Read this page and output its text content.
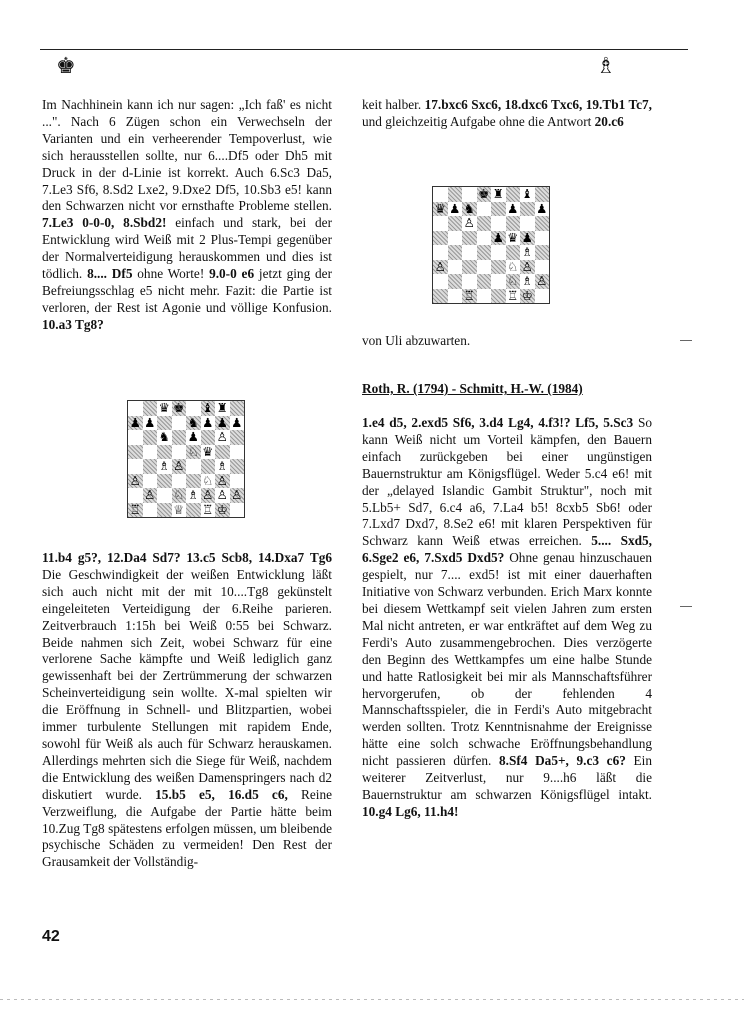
♚	♗

Im Nachhinein kann ich nur sagen: „Ich faß' es nicht ...". Nach 6 Zügen schon ein Verwechseln der Varianten und ein verheerender Tempoverlust, wie sich herausstellen sollte, nur 6....Df5 oder Dh5 mit Druck in der d-Linie ist korrekt. Auch 6.Sc3 Da5, 7.Le3 Sf6, 8.Sd2 Lxe2, 9.Dxe2 Df5, 10.Sb3 e5! kann den Schwarzen nicht vor ernsthafte Probleme stellen. 7.Le3 0-0-0, 8.Sbd2! einfach und stark, bei der Entwicklung wird Weiß mit 2 Plus-Tempi gegenüber der Normalverteidigung herauskommen und dies ist tödlich. 8.... Df5 ohne Worte! 9.0-0 e6 jetzt ging der Befreiungsschlag e5 nicht mehr. Fazit: die Partie ist verloren, der Rest ist Agonie und völlige Konfusion. 10.a3 Tg8?

♛ ♚ ♝ ♜
♟ ♟	♞ ♟ ♟ ♟
♞ ♟ ♙
♘ ♛
♗ ♙	♗
♙	♘ ♙
♙ ♘ ♗ ♙ ♙ ♙
♖	♕ ♖ ♔

11.b4 g5?, 12.Da4 Sd7? 13.c5 Scb8, 14.Dxa7 Tg6 Die Geschwindigkeit der weißen Entwicklung läßt sich auch nicht mit der mit 10....Tg8 gekünstelt eingeleiteten Verteidigung der 6.Reihe parieren. Zeitverbrauch 1:15h bei Weiß 0:55 bei Schwarz. Beide nahmen sich Zeit, wobei Schwarz für eine verlorene Sache kämpfte und Weiß lediglich ganz gewissenhaft bei der Zertrümmerung der schwarzen Scheinverteidigung sein wollte. X-mal spielten wir die Eröffnung in Schnell- und Blitzpartien, wobei immer turbulente Stellungen mit rapidem Ende, sowohl für Weiß als auch für Schwarz herauskamen. Allerdings mehrten sich die Siege für Weiß, nachdem die Entwicklung des weißen Damenspringers nach d2 diskutiert wurde. 15.b5 e5, 16.d5 c6, Reine Verzweiflung, die Aufgabe der Partie hätte beim 10.Zug Tg8 spätestens erfolgen müssen, um bleibende psychische Schäden zu vermeiden! Den Rest der Grausamkeit der Vollständig-

keit halber. 17.bxc6 Sxc6, 18.dxc6 Txc6, 19.Tb1 Tc7, und gleichzeitig Aufgabe ohne die Antwort 20.c6

♚ ♜ ♝
♛ ♟ ♞	♟ ♟
♙
♟ ♛ ♟
♗
♙	♘ ♙
♘ ♗ ♙
♖	♖ ♔

von Uli abzuwarten.

Roth, R. (1794) - Schmitt, H.-W. (1984)

1.e4 d5, 2.exd5 Sf6, 3.d4 Lg4, 4.f3!? Lf5, 5.Sc3 So kann Weiß nicht um Vorteil kämpfen, den Bauern einfach zurückgeben bei einer ungünstigen Bauernstruktur am Königsflügel. Weder 5.c4 e6! mit der „delayed Islandic Gambit Struktur", noch mit 5.Lb5+ Sd7, 6.c4 a6, 7.La4 b5! 8cxb5 Sb6! oder 7.Lxd7 Dxd7, 8.Se2 e6! mit klaren Perspektiven für Schwarz kann Weiß etwas erreichen. 5.... Sxd5, 6.Sge2 e6, 7.Sxd5 Dxd5? Ohne genau hinzuschauen gespielt, nur 7.... exd5! ist mit einer dauerhaften Initiative von Schwarz verbunden. Erich Marx konnte bei diesem Wettkampf seit vielen Jahren zum ersten Mal nicht antreten, er war entkräftet auf dem Weg zu Ferdi's Auto zusammengebrochen. Dies verzögerte den Beginn des Wettkampfes um eine halbe Stunde und hatte Ratlosigkeit bei mir als Mannschaftsführer hervorgerufen, ob der fehlenden 4 Mannschaftsspieler, die in Ferdi's Auto mitgebracht werden sollten. Trotz Kenntnisnahme der Ereignisse hätte eine solch schwache Eröffnungsbehandlung nicht passieren dürfen. 8.Sf4 Da5+, 9.c3 c6? Ein weiterer Zeitverlust, nur 9....h6 läßt die Bauernstruktur am schwarzen Königsflügel intakt. 10.g4 Lg6, 11.h4!

42
